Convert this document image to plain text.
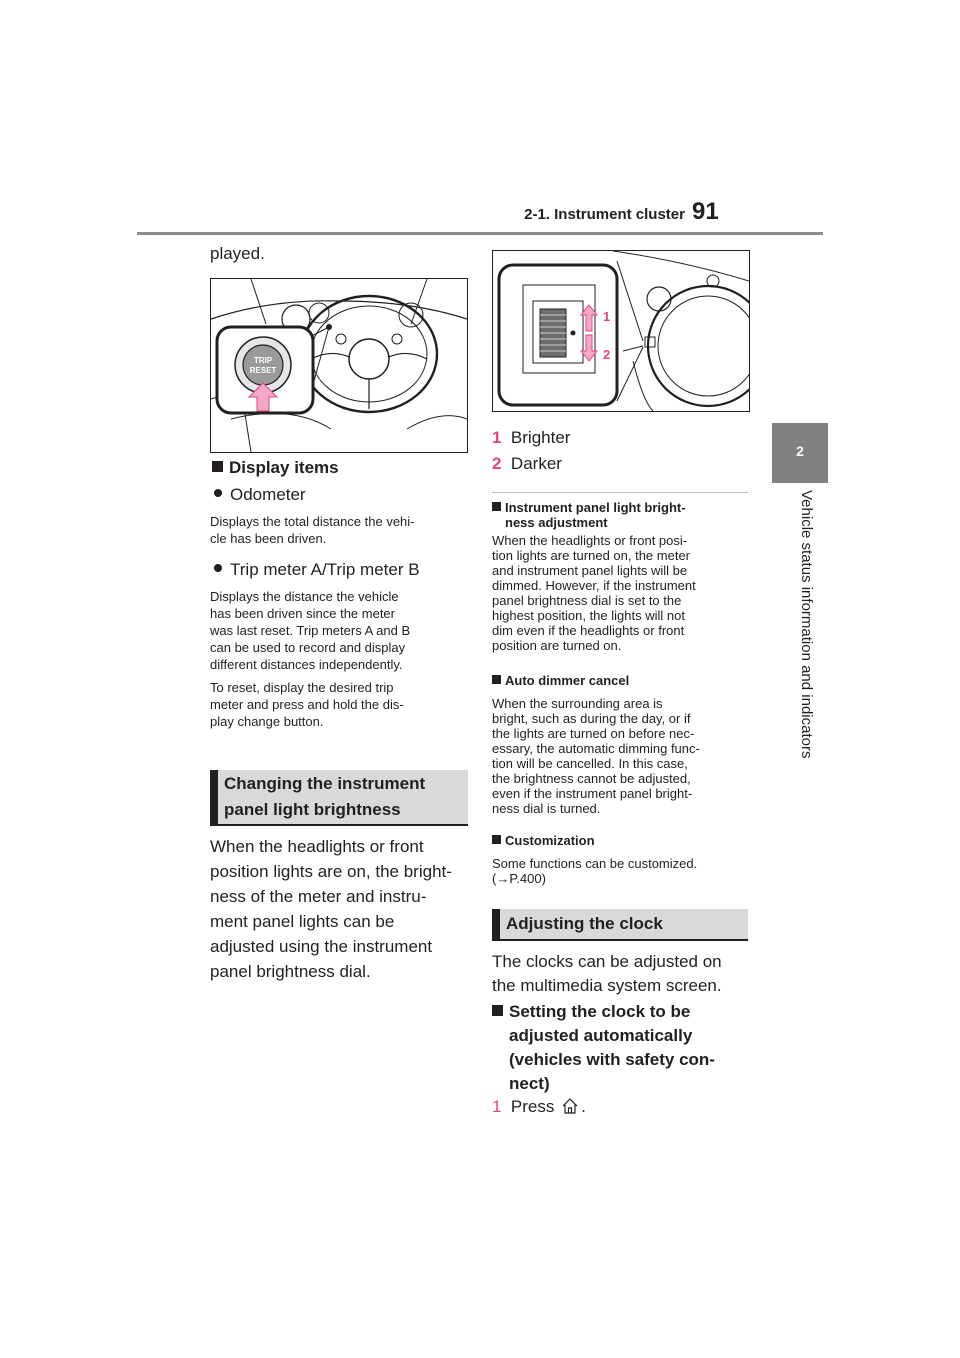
2-1. Instrument cluster 91
2
Vehicle status information and indicators
played.
TRIP
RESET
Display items
Odometer
Displays the total distance the vehi-
cle has been driven.
Trip meter A/Trip meter B
Displays the distance the vehicle
has been driven since the meter
was last reset. Trip meters A and B
can be used to record and display
different distances independently.
To reset, display the desired trip
meter and press and hold the dis-
play change button.
Changing the instrument
panel light brightness
When the headlights or front
position lights are on, the bright-
ness of the meter and instru-
ment panel lights can be
adjusted using the instrument
panel brightness dial.
1
2
1 Brighter
2 Darker
Instrument panel light bright-
ness adjustment
When the headlights or front posi-
tion lights are turned on, the meter
and instrument panel lights will be
dimmed. However, if the instrument
panel brightness dial is set to the
highest position, the lights will not
dim even if the headlights or front
position are turned on.
Auto dimmer cancel
When the surrounding area is
bright, such as during the day, or if
the lights are turned on before nec-
essary, the automatic dimming func-
tion will be cancelled. In this case,
the brightness cannot be adjusted,
even if the instrument panel bright-
ness dial is turned.
Customization
Some functions can be customized.
(→P.400)
Adjusting the clock
The clocks can be adjusted on
the multimedia system screen.
Setting the clock to be
adjusted automatically
(vehicles with safety con-
nect)
1 Press .
